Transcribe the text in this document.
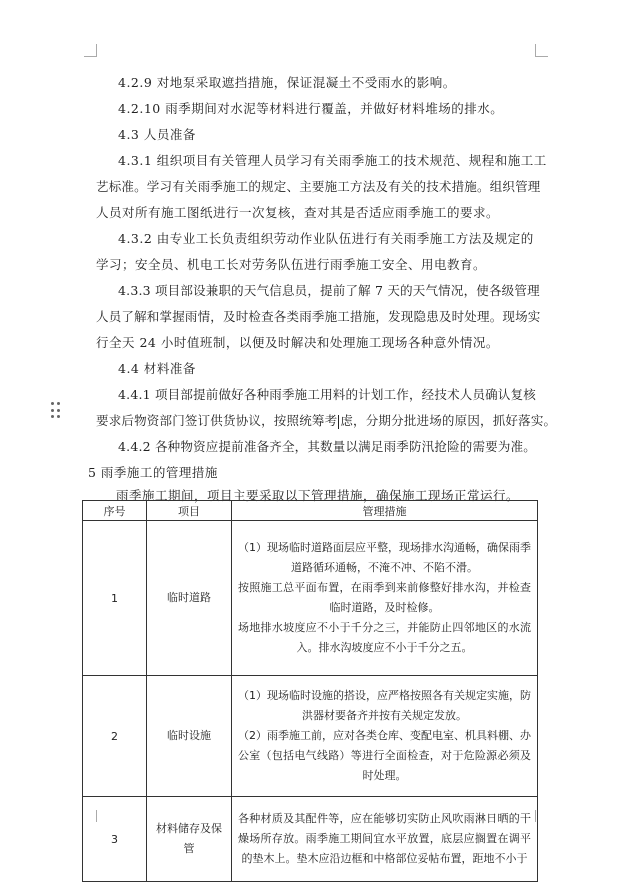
4.2.9 对地泵采取遮挡措施，保证混凝土不受雨水的影响。
4.2.10 雨季期间对水泥等材料进行覆盖，并做好材料堆场的排水。
4.3 人员准备
4.3.1 组织项目有关管理人员学习有关雨季施工的技术规范、规程和施工工
艺标准。学习有关雨季施工的规定、主要施工方法及有关的技术措施。组织管理
人员对所有施工图纸进行一次复核，查对其是否适应雨季施工的要求。
4.3.2 由专业工长负责组织劳动作业队伍进行有关雨季施工方法及规定的
学习；安全员、机电工长对劳务队伍进行雨季施工安全、用电教育。
4.3.3 项目部设兼职的天气信息员，提前了解 7 天的天气情况，使各级管理
人员了解和掌握雨情，及时检查各类雨季施工措施，发现隐患及时处理。现场实
行全天 24 小时值班制，以便及时解决和处理施工现场各种意外情况。
4.4 材料准备
4.4.1 项目部提前做好各种雨季施工用料的计划工作，经技术人员确认复核
要求后物资部门签订供货协议，按照统筹考 虑，分期分批进场的原因，抓好落实。
4.4.2 各种物资应提前准备齐全，其数量以满足雨季防汛抢险的需要为准。
5 雨季施工的管理措施
雨季施工期间，项目主要采取以下管理措施，确保施工现场正常运行。
序号	项目	管理措施
1	临时道路	（1）现场临时道路面层应平整，现场排水沟通畅，确保雨季道路循环通畅，不淹不冲、不陷不滑。
按照施工总平面布置，在雨季到来前修整好排水沟，并检查临时道路，及时检修。
场地排水坡度应不小于千分之三，并能防止四邻地区的水流入。排水沟坡度应不小于千分之五。

2	临时设施	（1）现场临时设施的搭设，应严格按照各有关规定实施，防洪器材要备齐并按有关规定发放。
（2）雨季施工前，应对各类仓库、变配电室、机具料棚、办公室（包括电气线路）等进行全面检查，对于危险源必须及时处理。

3	材料储存及保管	各种材质及其配件等，应在能够切实防止风吹雨淋日晒的干燥场所存放。雨季施工期间宜水平放置，底层应搁置在调平的垫木上。垫木应沿边框和中格部位妥帖布置，距地不小于
